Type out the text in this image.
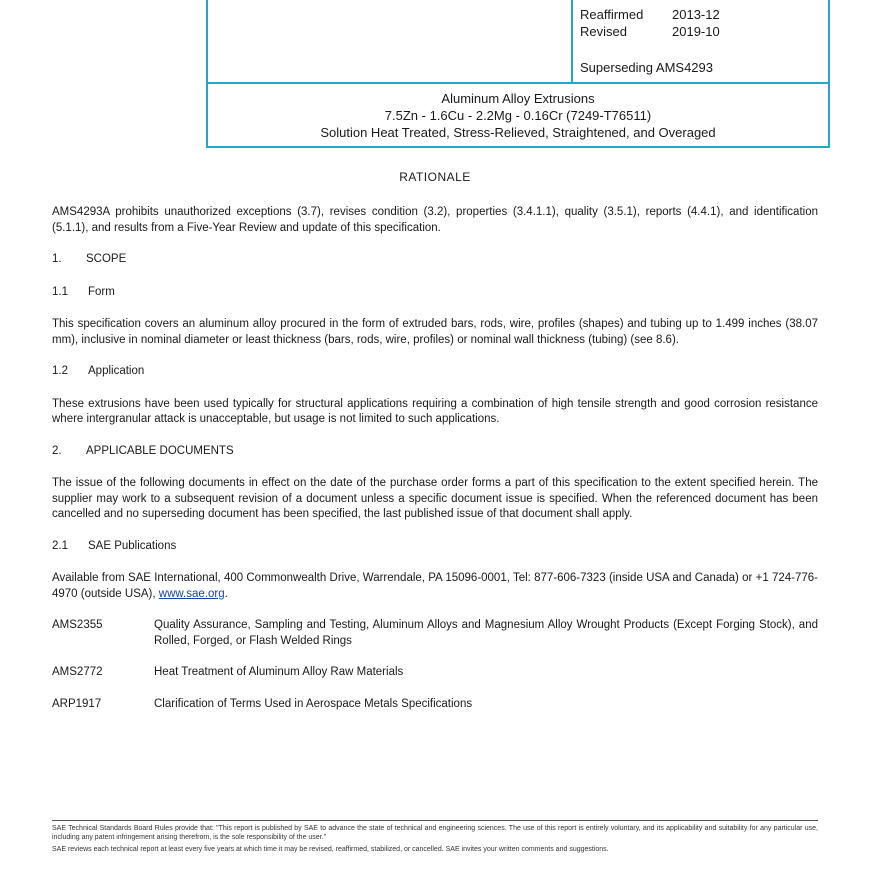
Reaffirmed	2013-12
Revised	2019-10
Superseding AMS4293
Aluminum Alloy Extrusions
7.5Zn - 1.6Cu - 2.2Mg - 0.16Cr (7249-T76511)
Solution Heat Treated, Stress-Relieved, Straightened, and Overaged
RATIONALE

AMS4293A prohibits unauthorized exceptions (3.7), revises condition (3.2), properties (3.4.1.1), quality (3.5.1), reports (4.4.1), and identification (5.1.1), and results from a Five-Year Review and update of this specification.

1.	SCOPE
1.1	Form

This specification covers an aluminum alloy procured in the form of extruded bars, rods, wire, profiles (shapes) and tubing up to 1.499 inches (38.07 mm), inclusive in nominal diameter or least thickness (bars, rods, wire, profiles) or nominal wall thickness (tubing) (see 8.6).

1.2	Application

These extrusions have been used typically for structural applications requiring a combination of high tensile strength and good corrosion resistance where intergranular attack is unacceptable, but usage is not limited to such applications.

2.	APPLICABLE DOCUMENTS

The issue of the following documents in effect on the date of the purchase order forms a part of this specification to the extent specified herein. The supplier may work to a subsequent revision of a document unless a specific document issue is specified. When the referenced document has been cancelled and no superseding document has been specified, the last published issue of that document shall apply.

2.1	SAE Publications

Available from SAE International, 400 Commonwealth Drive, Warrendale, PA 15096-0001, Tel: 877-606-7323 (inside USA and Canada) or +1 724-776-4970 (outside USA), www.sae.org.

AMS2355	Quality Assurance, Sampling and Testing, Aluminum Alloys and Magnesium Alloy Wrought Products (Except Forging Stock), and Rolled, Forged, or Flash Welded Rings
AMS2772	Heat Treatment of Aluminum Alloy Raw Materials
ARP1917	Clarification of Terms Used in Aerospace Metals Specifications

SAE Technical Standards Board Rules provide that: "This report is published by SAE to advance the state of technical and engineering sciences. The use of this report is entirely voluntary, and its applicability and suitability for any particular use, including any patent infringement arising therefrom, is the sole responsibility of the user."

SAE reviews each technical report at least every five years at which time it may be revised, reaffirmed, stabilized, or cancelled. SAE invites your written comments and suggestions.
